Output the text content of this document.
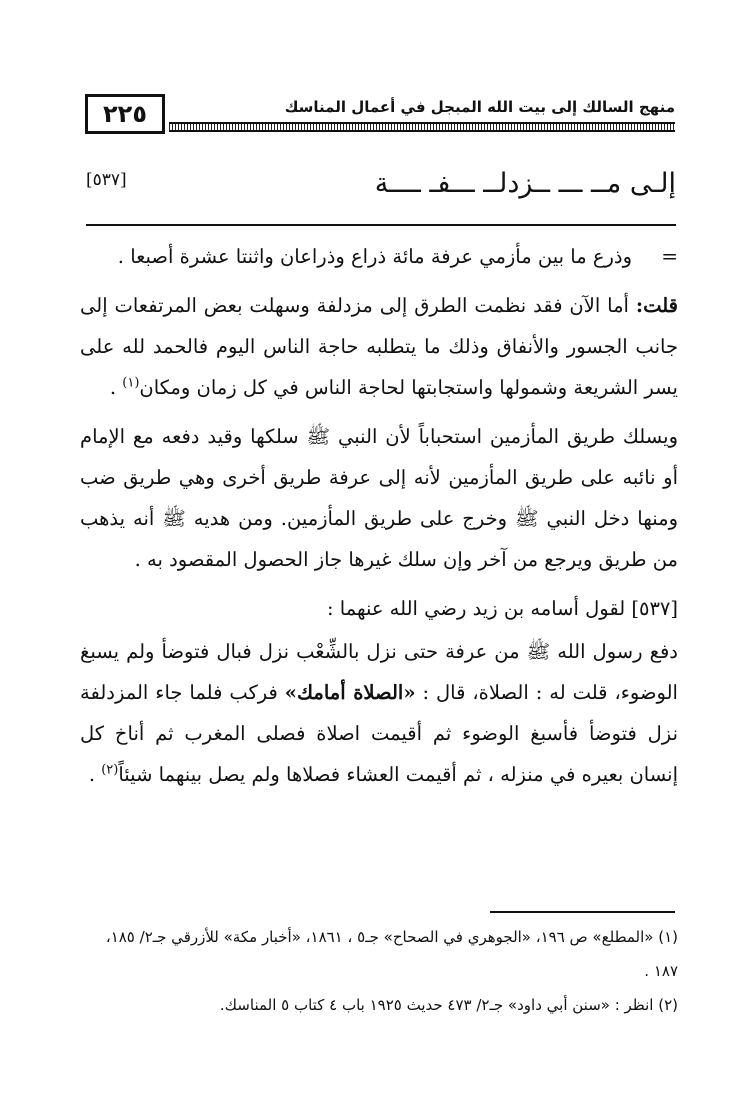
٢٢٥	منهج السالك إلى بيت الله المبجل في أعمال المناسك
إلـى مــ ـــ ــزدلــ ـــفـ ــــة
[٥٣٧]
=

وذرع ما بين مأزمي عرفة مائة ذراع وذراعان واثنتا عشرة أصبعا .

قلت: أما الآن فقد نظمت الطرق إلى مزدلفة وسهلت بعض المرتفعات إلى جانب الجسور والأنفاق وذلك ما يتطلبه حاجة الناس اليوم فالحمد لله على يسر الشريعة وشمولها واستجابتها لحاجة الناس في كل زمان ومكان$^{(١)}$ .

ويسلك طريق المأزمين استحباباً لأن النبي ﷺ سلكها وقيد دفعه مع الإمام أو نائبه على طريق المأزمين لأنه إلى عرفة طريق أخرى وهي طريق ضب ومنها دخل النبي ﷺ وخرج على طريق المأزمين. ومن هديه ﷺ أنه يذهب من طريق ويرجع من آخر وإن سلك غيرها جاز الحصول المقصود به .

[٥٣٧] لقول أسامه بن زيد رضي الله عنهما :

دفع رسول الله ﷺ من عرفة حتى نزل بالشِّعْب نزل فبال فتوضأ ولم يسبغ الوضوء، قلت له : الصلاة، قال : «الصلاة أمامك» فركب فلما جاء المزدلفة نزل فتوضأ فأسبغ الوضوء ثم أقيمت اصلاة فصلى المغرب ثم أناخ كل إنسان بعيره في منزله ، ثم أقيمت العشاء فصلاها ولم يصل بينهما شيئاً$^{(٢)}$ .

(١) «المطلع» ص ١٩٦، «الجوهري في الصحاح» جـ٥ ، ١٨٦١، «أخبار مكة» للأزرقي جـ٢/ ١٨٥، ١٨٧ .

(٢) انظر : «سنن أبي داود» جـ٢/ ٤٧٣ حديث ١٩٢٥ باب ٤ كتاب ٥ المناسك.
